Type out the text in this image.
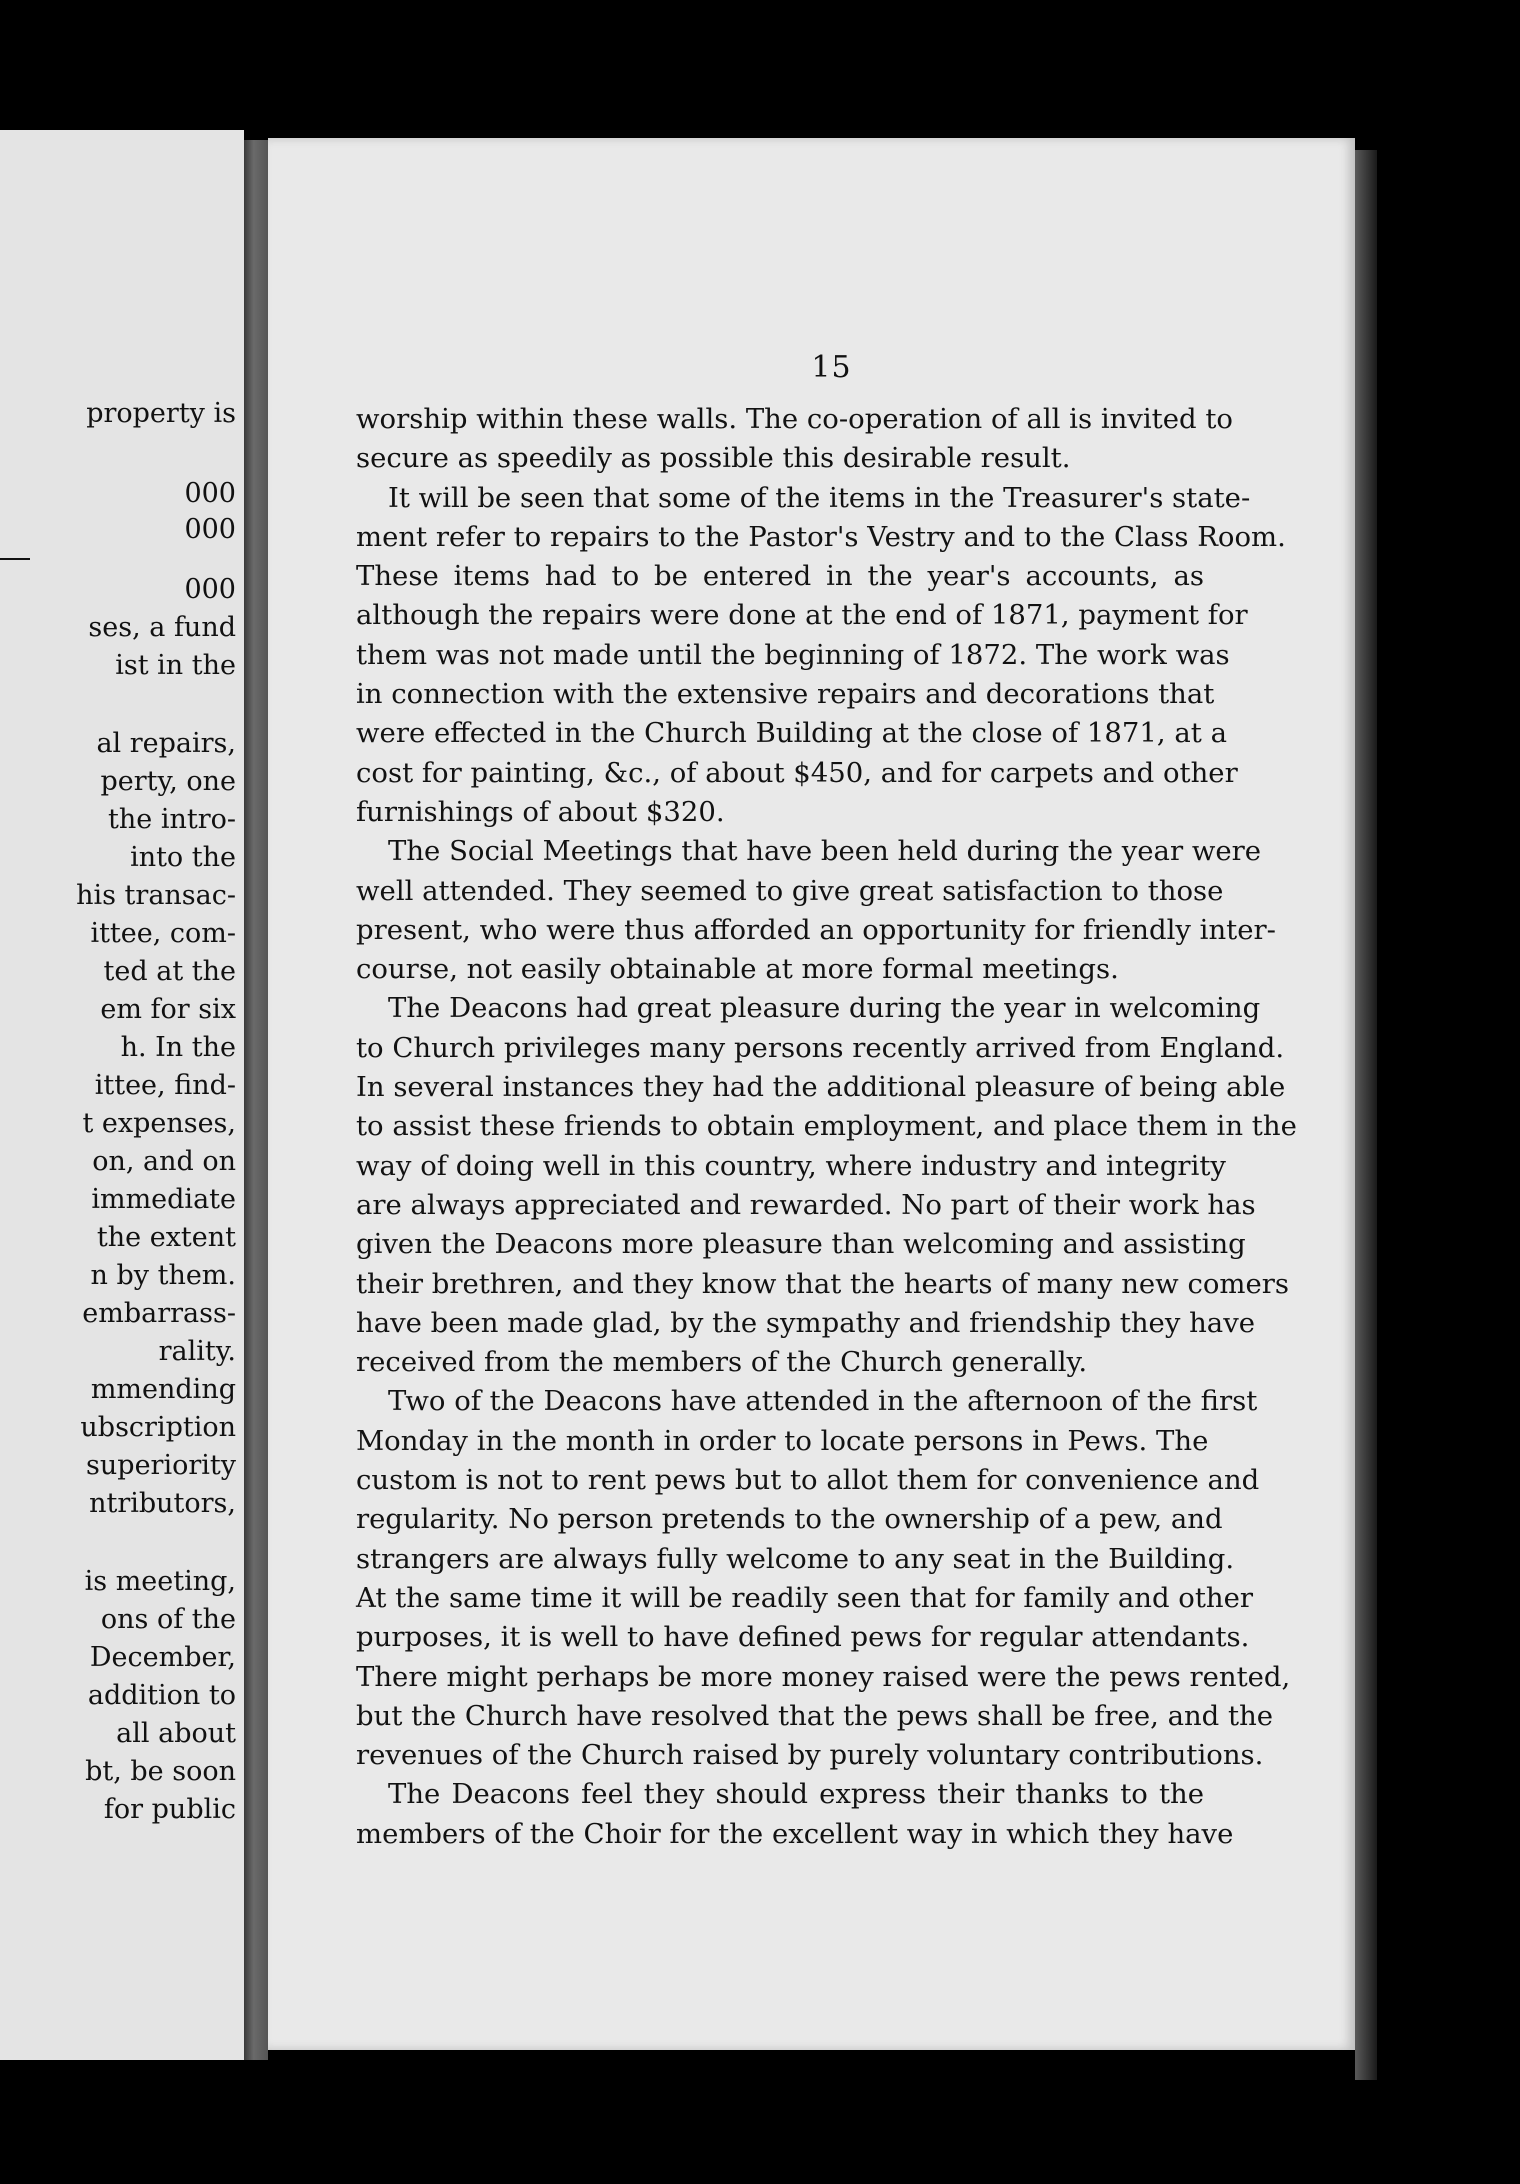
property is
000
000
000
ses, a fund
ist in the
al repairs,
perty, one
the intro-
into the
his transac-
ittee, com-
ted at the
em for six
h. In the
ittee, find-
t expenses,
on, and on
immediate
the extent
n by them.
embarrass-
rality.
mmending
ubscription
superiority
ntributors,
is meeting,
ons of the
December,
addition to
all about
bt, be soon
for public
15
worship within these walls. The co-operation of all is invited to
secure as speedily as possible this desirable result.
It will be seen that some of the items in the Treasurer's state-
ment refer to repairs to the Pastor's Vestry and to the Class Room.
These items had to be entered in the year's accounts, as
although the repairs were done at the end of 1871, payment for
them was not made until the beginning of 1872. The work was
in connection with the extensive repairs and decorations that
were effected in the Church Building at the close of 1871, at a
cost for painting, &c., of about $450, and for carpets and other
furnishings of about $320.
The Social Meetings that have been held during the year were
well attended. They seemed to give great satisfaction to those
present, who were thus afforded an opportunity for friendly inter-
course, not easily obtainable at more formal meetings.
The Deacons had great pleasure during the year in welcoming
to Church privileges many persons recently arrived from England.
In several instances they had the additional pleasure of being able
to assist these friends to obtain employment, and place them in the
way of doing well in this country, where industry and integrity
are always appreciated and rewarded. No part of their work has
given the Deacons more pleasure than welcoming and assisting
their brethren, and they know that the hearts of many new comers
have been made glad, by the sympathy and friendship they have
received from the members of the Church generally.
Two of the Deacons have attended in the afternoon of the first
Monday in the month in order to locate persons in Pews. The
custom is not to rent pews but to allot them for convenience and
regularity. No person pretends to the ownership of a pew, and
strangers are always fully welcome to any seat in the Building.
At the same time it will be readily seen that for family and other
purposes, it is well to have defined pews for regular attendants.
There might perhaps be more money raised were the pews rented,
but the Church have resolved that the pews shall be free, and the
revenues of the Church raised by purely voluntary contributions.
The Deacons feel they should express their thanks to the
members of the Choir for the excellent way in which they have
